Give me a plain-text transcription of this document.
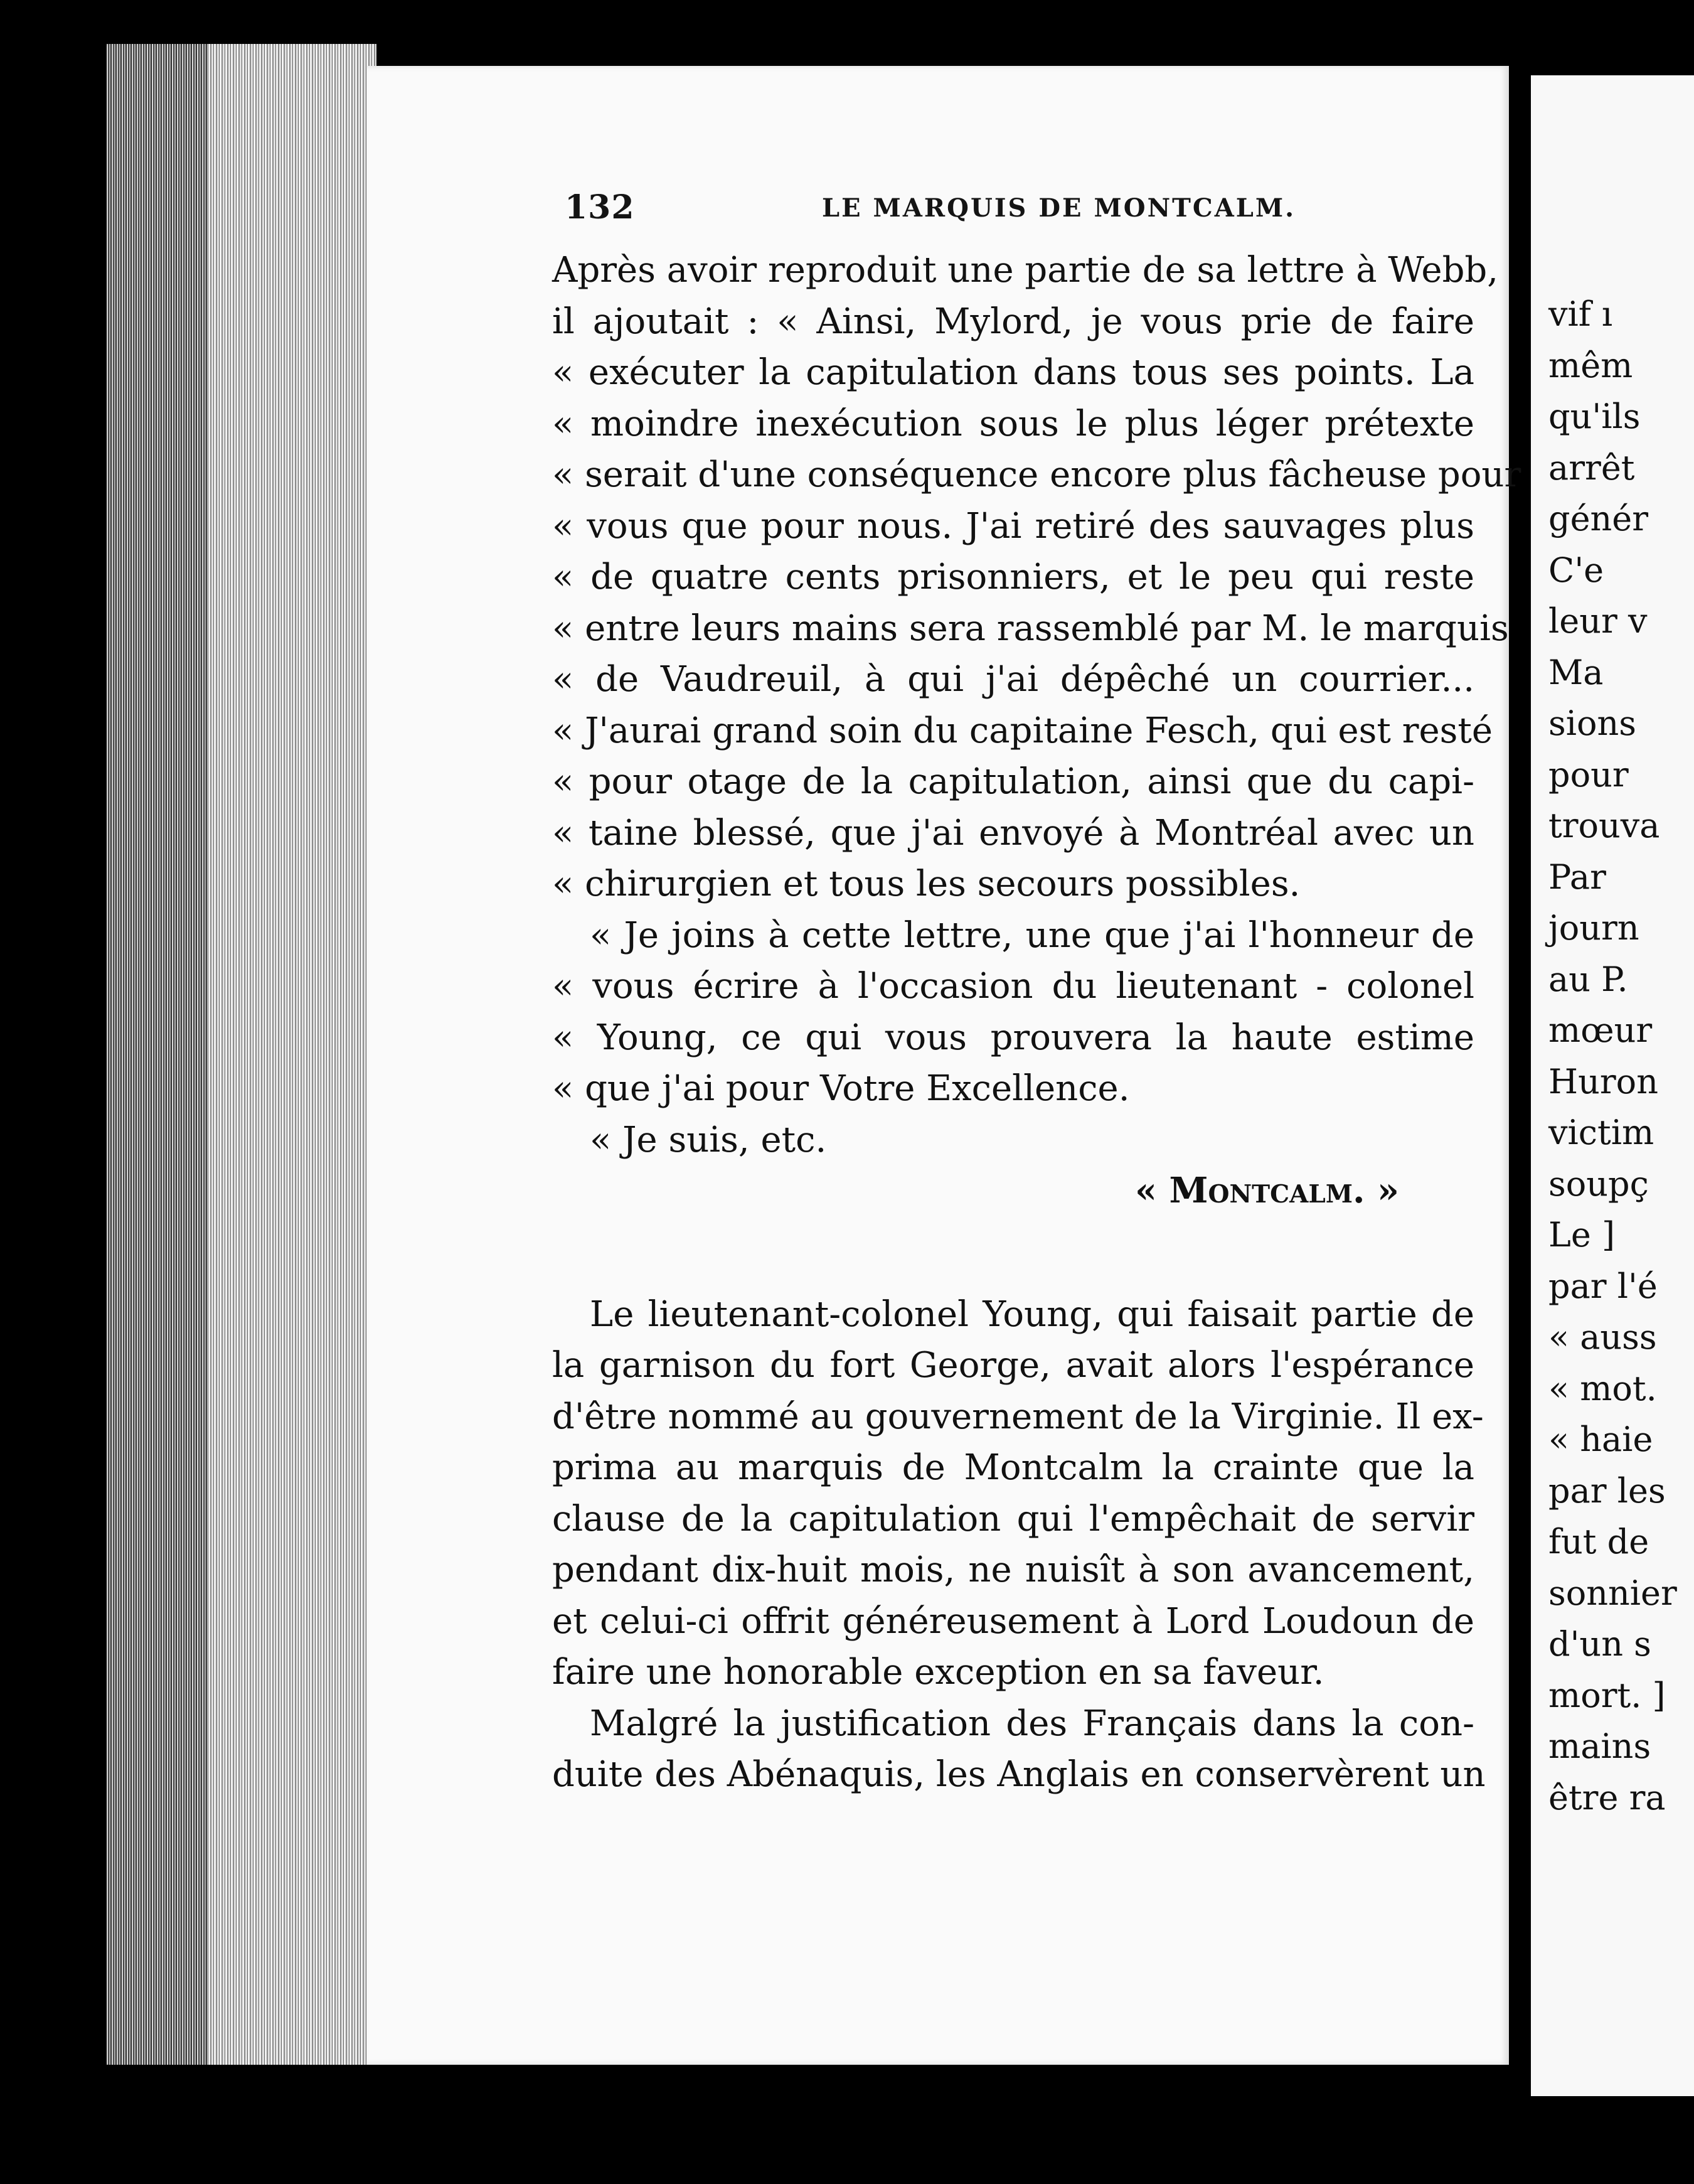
132	LE MARQUIS DE MONTCALM.
Après avoir reproduit une partie de sa lettre à Webb,
il ajoutait : « Ainsi, Mylord, je vous prie de faire
« exécuter la capitulation dans tous ses points. La
« moindre inexécution sous le plus léger prétexte
« serait d'une conséquence encore plus fâcheuse pour
« vous que pour nous. J'ai retiré des sauvages plus
« de quatre cents prisonniers, et le peu qui reste
« entre leurs mains sera rassemblé par M. le marquis
« de Vaudreuil, à qui j'ai dépêché un courrier...
« J'aurai grand soin du capitaine Fesch, qui est resté
« pour otage de la capitulation, ainsi que du capi-
« taine blessé, que j'ai envoyé à Montréal avec un
« chirurgien et tous les secours possibles.
« Je joins à cette lettre, une que j'ai l'honneur de
« vous écrire à l'occasion du lieutenant - colonel
« Young, ce qui vous prouvera la haute estime
« que j'ai pour Votre Excellence.
« Je suis, etc.
« Montcalm. »
Le lieutenant-colonel Young, qui faisait partie de
la garnison du fort George, avait alors l'espérance
d'être nommé au gouvernement de la Virginie. Il ex-
prima au marquis de Montcalm la crainte que la
clause de la capitulation qui l'empêchait de servir
pendant dix-huit mois, ne nuisît à son avancement,
et celui-ci offrit généreusement à Lord Loudoun de
faire une honorable exception en sa faveur.
Malgré la justification des Français dans la con-
duite des Abénaquis, les Anglais en conservèrent un
vif ı
mêm
qu'ils
arrêt
génér
C'e
leur v
Ma
sions
pour
trouva
Par
journ
au P.
mœur
Huron
victim
soupç
Le ]
par l'é
« auss
« mot.
« haie
par les
fut de
sonnier
d'un s
mort. ]
mains
être ra
